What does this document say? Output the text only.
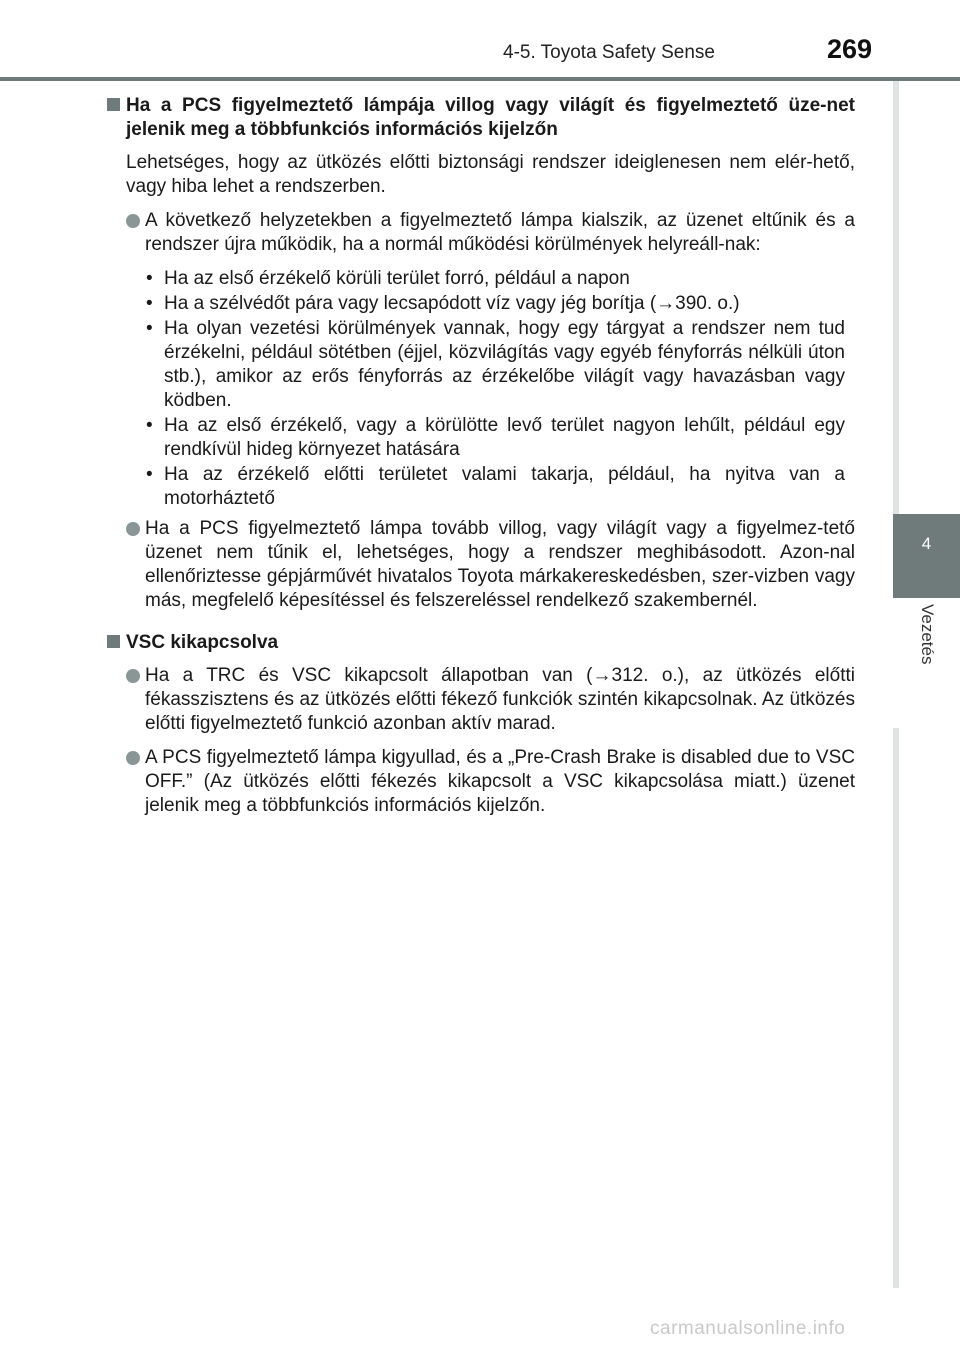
4-5. Toyota Safety Sense	269
4
Vezetés
Ha a PCS figyelmeztető lámpája villog vagy világít és figyelmeztető üze-net jelenik meg a többfunkciós információs kijelzőn
Lehetséges, hogy az ütközés előtti biztonsági rendszer ideiglenesen nem elér-hető, vagy hiba lehet a rendszerben.
A következő helyzetekben a figyelmeztető lámpa kialszik, az üzenet eltűnik és a rendszer újra működik, ha a normál működési körülmények helyreáll-nak:
• Ha az első érzékelő körüli terület forró, például a napon
• Ha a szélvédőt pára vagy lecsapódott víz vagy jég borítja (→390. o.)
• Ha olyan vezetési körülmények vannak, hogy egy tárgyat a rendszer nem tud érzékelni, például sötétben (éjjel, közvilágítás vagy egyéb fényforrás nélküli úton stb.), amikor az erős fényforrás az érzékelőbe világít vagy havazásban vagy ködben.
• Ha az első érzékelő, vagy a körülötte levő terület nagyon lehűlt, például egy rendkívül hideg környezet hatására
• Ha az érzékelő előtti területet valami takarja, például, ha nyitva van a motorháztető
Ha a PCS figyelmeztető lámpa tovább villog, vagy világít vagy a figyelmez-tető üzenet nem tűnik el, lehetséges, hogy a rendszer meghibásodott. Azon-nal ellenőriztesse gépjárművét hivatalos Toyota márkakereskedésben, szer-vizben vagy más, megfelelő képesítéssel és felszereléssel rendelkező szakembernél.
VSC kikapcsolva
Ha a TRC és VSC kikapcsolt állapotban van (→312. o.), az ütközés előtti fékasszisztens és az ütközés előtti fékező funkciók szintén kikapcsolnak. Az ütközés előtti figyelmeztető funkció azonban aktív marad.
A PCS figyelmeztető lámpa kigyullad, és a „Pre-Crash Brake is disabled due to VSC OFF.” (Az ütközés előtti fékezés kikapcsolt a VSC kikapcsolása miatt.) üzenet jelenik meg a többfunkciós információs kijelzőn.
carmanualsonline.info
